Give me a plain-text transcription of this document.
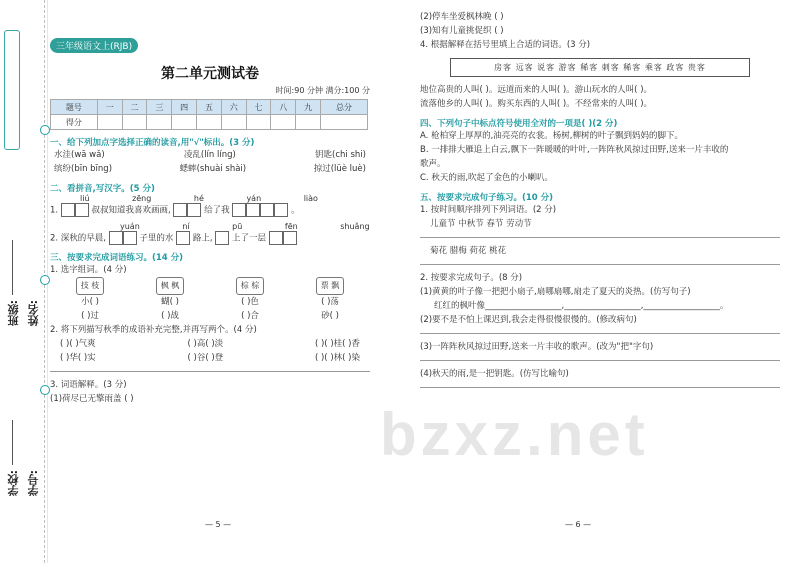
班级: 姓名:
学校: 学号:
三年级语文上(RJB)
第二单元测试卷
时间:90 分钟 满分:100 分
题号	一	二	三	四	五	六	七	八	九	总分
得分										
一、给下列加点字选择正确的读音,用"√"标出。(3 分)
水洼(wā wǎ)	凌乱(lín líng)	钥匙(chi shi)
缤纷(bīn bīng)	蟋蟀(shuài shài)	掠过(lüè luè)
二、看拼音,写汉字。(5 分)
liú	zēng	hé	yán liào
1.	叔叔知道我喜欢画画,	给了我	。
yuán	ní	pū	fēn shuǎng
2. 深秋的早晨,	子里的水 路上, 上了一层
三、按要求完成词语练习。(14 分)
1. 选字组词。(4 分)
技 枝	枫 枫	棕 棕	票 飘
小( )	蝴( )	( )色	( )荡
( )过	( )战	( )合	砂( )
2. 将下列描写秋季的成语补充完整,并再写两个。(4 分)
( )( )气爽	( )高( )淡	( )( )桂( )香
( )华( )实	( )谷( )登	( )( )林( )染
3. 词语解释。(3 分)
(1)荷尽已无擎雨盖 ( )
— 5 —
(2)停车坐爱枫林晚 ( )
(3)知有儿童挑促织 ( )
4. 根据解释在括号里填上合适的词语。(3 分)
房客 远客 说客 游客 稀客 刺客 稀客 乘客 政客 贵客
地位高贵的人叫( )。远道而来的人叫( )。游山玩水的人叫( )。
流落他乡的人叫( )。购买东西的人叫( )。不经常来的人叫( )。
四、下列句子中标点符号使用全对的一项是( )(2 分)
A. 枪柏穿上厚厚的,油亮亮的衣裳。杨树,柳树的叶子飘到妈妈的脚下。
B. 一排排大雁追上白云,飘下一阵暖暖的叶叶,一阵阵秋风掠过田野,送来一片丰收的
歌声。
C. 秋天的雨,吹起了金色的小喇叭。
五、按要求完成句子练习。(10 分)
1. 按时间顺序排列下列词语。(2 分)
儿童节 中秋节 春节 劳动节
菊花 腊梅 荷花 桃花
2. 按要求完成句子。(8 分)
(1)黄黄的叶子像一把把小扇子,扇哪扇哪,扇走了夏天的炎热。(仿写句子)
红红的枫叶像__________________,__________________,__________________。
(2)要不是不怕上课迟到,我会走得很慢很慢的。(修改病句)
(3)一阵阵秋风掠过田野,送来一片丰收的歌声。(改为"把"字句)
(4)秋天的雨,是一把钥匙。(仿写比喻句)
— 6 —
bzxz.net
